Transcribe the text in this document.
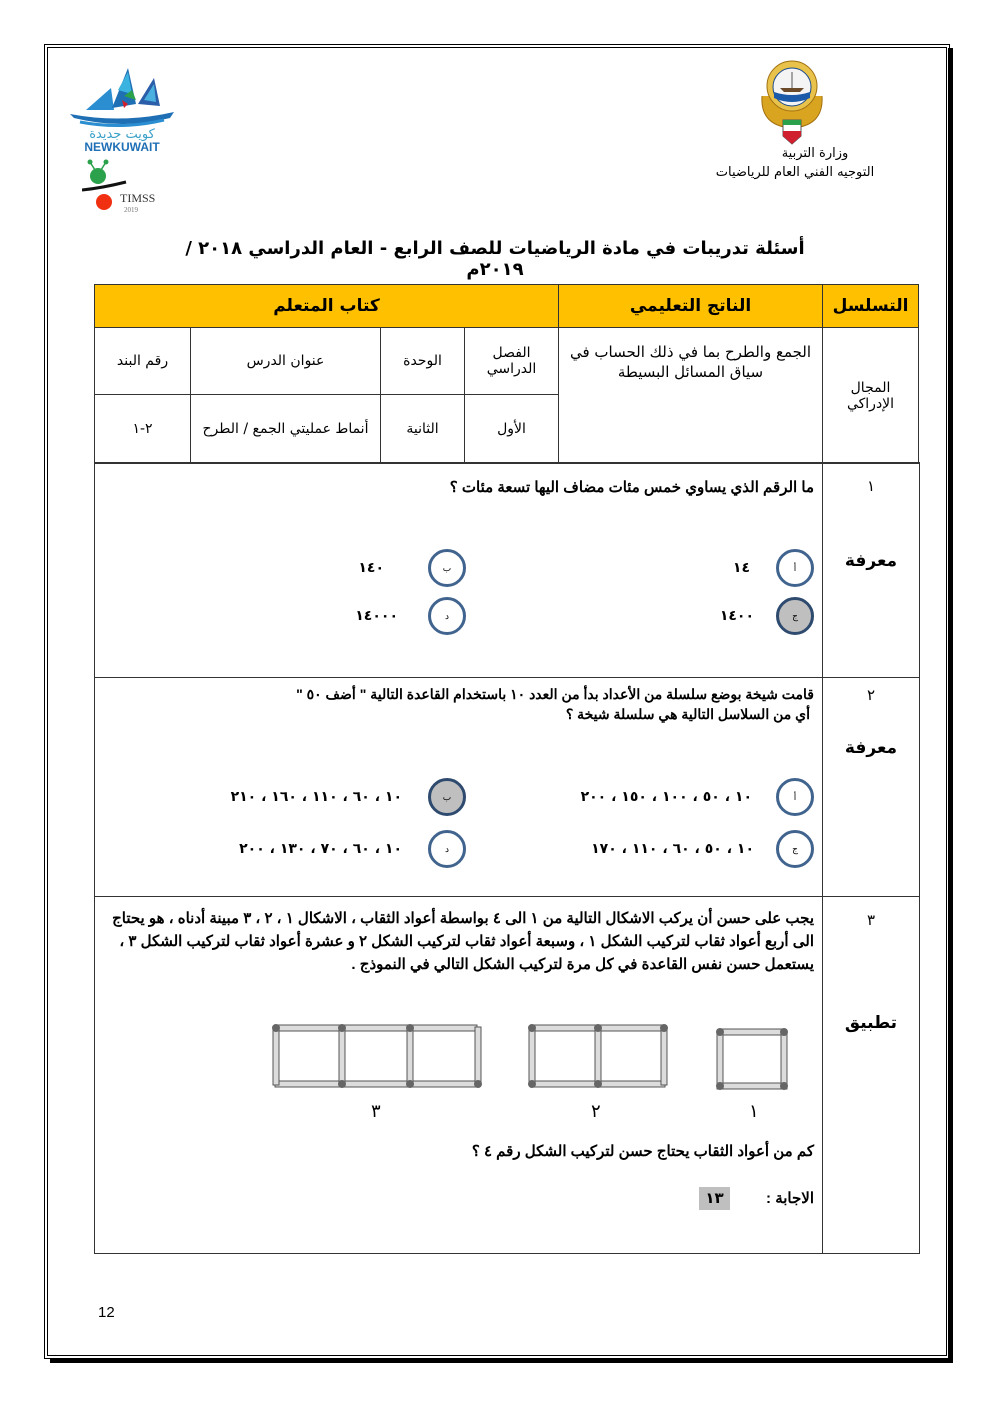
كويت جديدة
NEWKUWAIT
TIMSS
2019
وزارة التربية
التوجيه الفني العام للرياضيات
أسئلة تدريبات في مادة الرياضيات للصف الرابع - العام الدراسي ٢٠١٨ / ٢٠١٩م
التسلسل	الناتج التعليمي	كتاب المتعلم			
المجال الإدراكي	الجمع والطرح بما في ذلك الحساب في سياق المسائل البسيطة	الفصل الدراسي	الوحدة	عنوان الدرس	رقم البند
		الأول	الثانية	أنماط عمليتي الجمع / الطرح	٢-١
١
معرفة
ما الرقم الذي يساوي خمس مئات مضاف اليها تسعة مئات ؟
أ
١٤
ب
١٤٠
ج
١٤٠٠
د
١٤٠٠٠
٢
معرفة
قامت شيخة بوضع سلسلة من الأعداد بدأ من العدد ١٠ باستخدام القاعدة التالية " أضف ٥٠ "
أي من السلاسل التالية هي سلسلة شيخة ؟
أ
١٠ ، ٥٠ ، ١٠٠ ، ١٥٠ ، ٢٠٠
ب
١٠ ، ٦٠ ، ١١٠ ، ١٦٠ ، ٢١٠
ج
١٠ ، ٥٠ ، ٦٠ ، ١١٠ ، ١٧٠
د
١٠ ، ٦٠ ، ٧٠ ، ١٣٠ ، ٢٠٠
٣
تطبيق
يجب على حسن أن يركب الاشكال التالية من ١ الى ٤ بواسطة أعواد الثقاب ، الاشكال ١ ، ٢ ، ٣ مبينة أدناه ، هو يحتاج الى أربع أعواد ثقاب لتركيب الشكل ١ ، وسبعة أعواد ثقاب لتركيب الشكل ٢ و عشرة أعواد ثقاب لتركيب الشكل ٣ ، يستعمل حسن نفس القاعدة في كل مرة لتركيب الشكل التالي في النموذج .
١
٢
٣
كم من أعواد الثقاب يحتاج حسن لتركيب الشكل رقم ٤ ؟
الاجابة :  ١٣
12
